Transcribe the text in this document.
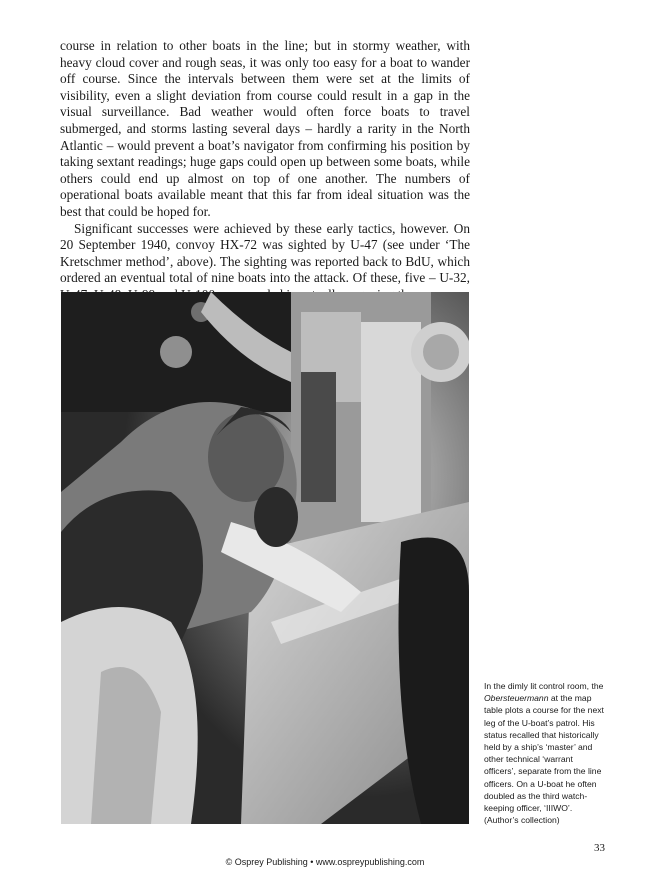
course in relation to other boats in the line; but in stormy weather, with heavy cloud cover and rough seas, it was only too easy for a boat to wander off course. Since the intervals between them were set at the limits of visibility, even a slight deviation from course could result in a gap in the visual surveillance. Bad weather would often force boats to travel submerged, and storms lasting several days – hardly a rarity in the North Atlantic – would prevent a boat’s navigator from confirming his position by taking sextant readings; huge gaps could open up between some boats, while others could end up almost on top of one another. The numbers of operational boats available meant that this far from ideal situation was the best that could be hoped for.

Significant successes were achieved by these early tactics, however. On 20 September 1940, convoy HX-72 was sighted by U-47 (see under ‘The Kretschmer method’, above). The sighting was reported back to BdU, which ordered an eventual total of nine boats into the attack. Of these, five – U-32,

In the dimly lit control room, the Obersteuermann at the map table plots a course for the next leg of the U-boat’s patrol. His status recalled that historically held by a ship’s ‘master’ and other technical ‘warrant officers’, separate from the line officers. On a U-boat he often doubled as the third watch-keeping officer, ‘IIIWO’. (Author’s collection)

33
© Osprey Publishing • www.ospreypublishing.com
